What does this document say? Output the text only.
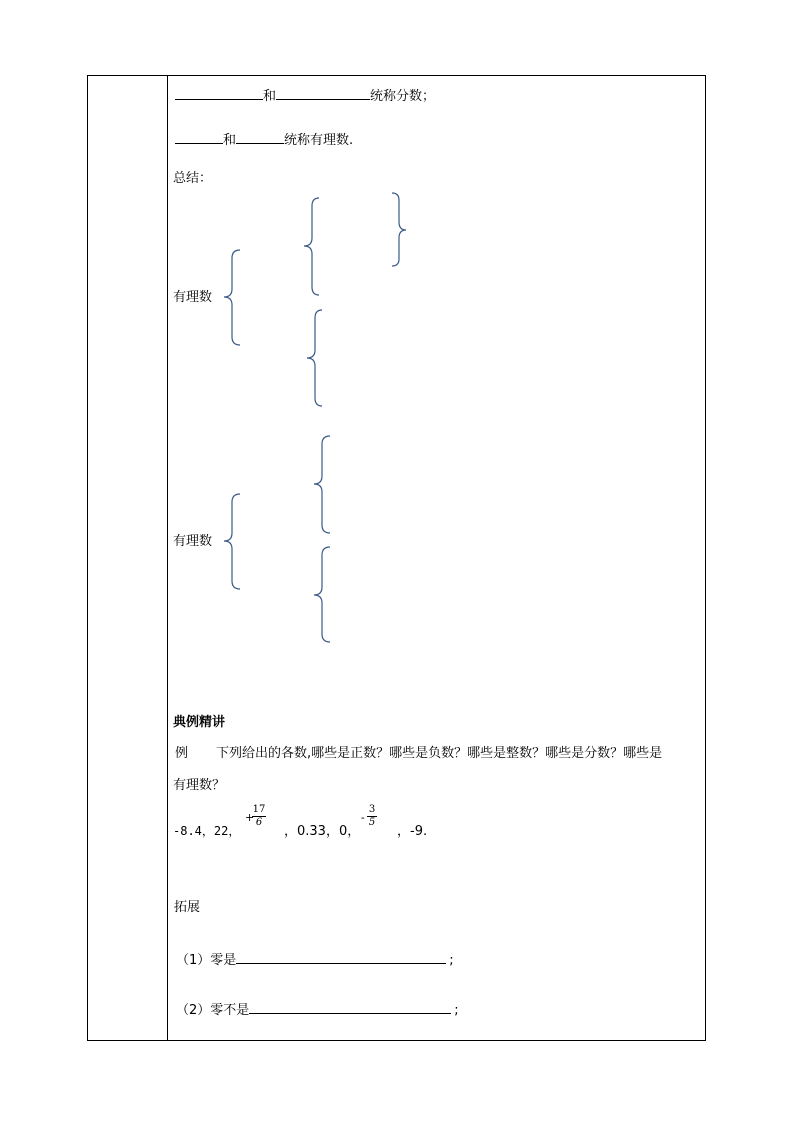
和	统称分数；
和	统称有理数.
总结：
有理数
有理数
典例精讲
例 下列给出的各数,哪些是正数？哪些是负数？哪些是整数？哪些是分数？哪些是
有理数？
-8.4，22，
+
17
6
，0.33，0，
-
3
5
，-9.
拓展
（1）零是	;
（2）零不是	;
